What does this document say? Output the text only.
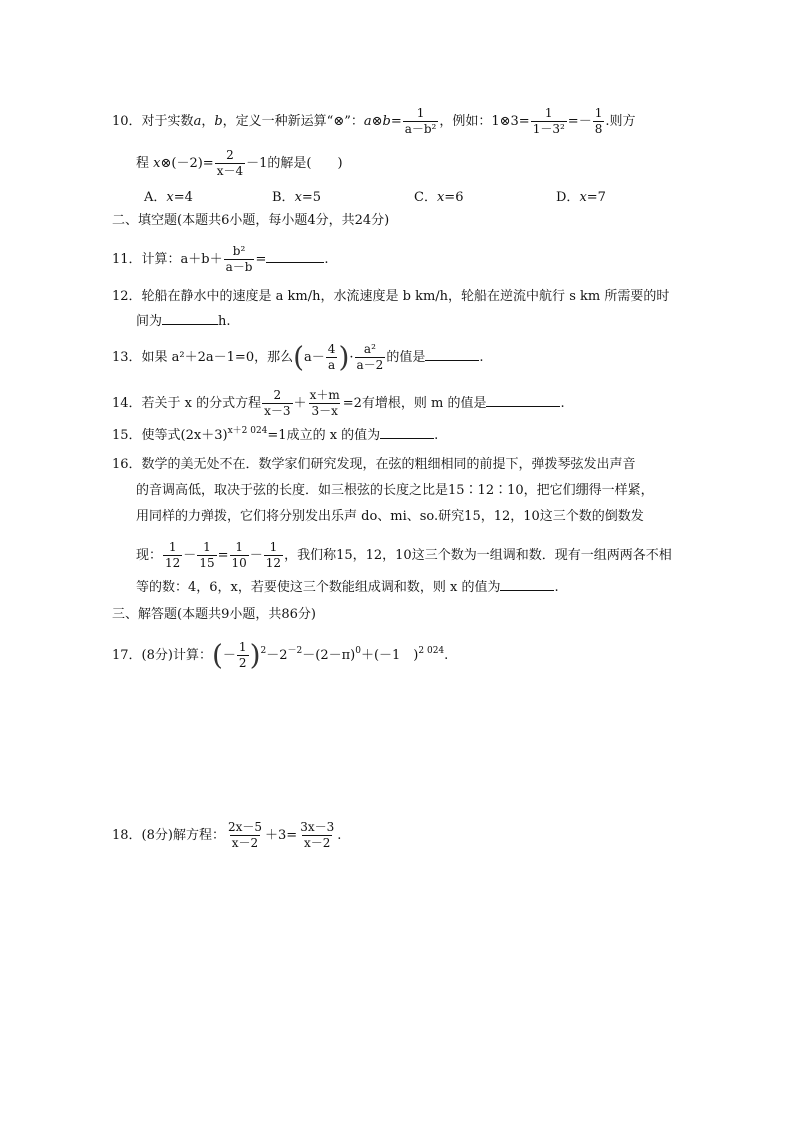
10．对于实数a，b，定义一种新运算“⊗”：a⊗b= $\frac{1}{\text{a－b²}}$ ，例如：1⊗3= $\frac{1}{\text{1－3²}} =- \frac{1}{8}$ .则方
程 x⊗(－2)= $\frac{2}{x-4} -1$的解是(　　)
A．x=4	B．x=5	C．x=6	D．x=7
二、填空题(本题共6小题，每小题4分，共24分)
11．计算：$a+b+ \frac{\text{b²}}{a-b}$ =	.
12．轮船在静水中的速度是 a km/h，水流速度是 b km/h，轮船在逆流中航行 s km 所需要的时
间为	h.
13．如果 a²＋2a－1=0，那么($a- \frac{4}{a}$ )· $\frac{\text{a²}}{a-2}$ 的值是	.
14．若关于 x 的分式方程 $\frac{2}{x-3} + \frac{x+m}{3-x} =2$有增根，则 m 的值是	.
15．使等式$(2x+3)^{x+2 024}=1$成立的 x 的值为	.
16．数学的美无处不在．数学家们研究发现，在弦的粗细相同的前提下，弹拨琴弦发出声音
的音调高低，取决于弦的长度．如三根弦的长度之比是15∶12∶10，把它们绷得一样紧，
用同样的力弹拨，它们将分别发出乐声 do、mi、so.研究15，12，10这三个数的倒数发
现： $\frac{1}{12} - \frac{1}{15} = \frac{1}{10} - \frac{1}{12}$ ，我们称15，12，10这三个数为一组调和数．现有一组两两各不相
等的数：4，6，x，若要使这三个数能组成调和数，则 x 的值为	.
三、解答题(本题共9小题，共86分)
17．(8分)计算：(－ $\frac{1}{2} )^2-2^{-2}-(2-\pi)^0+(-1$　)$^{2 024}$.
18．(8分)解方程： $\frac{2x-5}{x-2} +3= \frac{3x-3}{x-2}$ .
